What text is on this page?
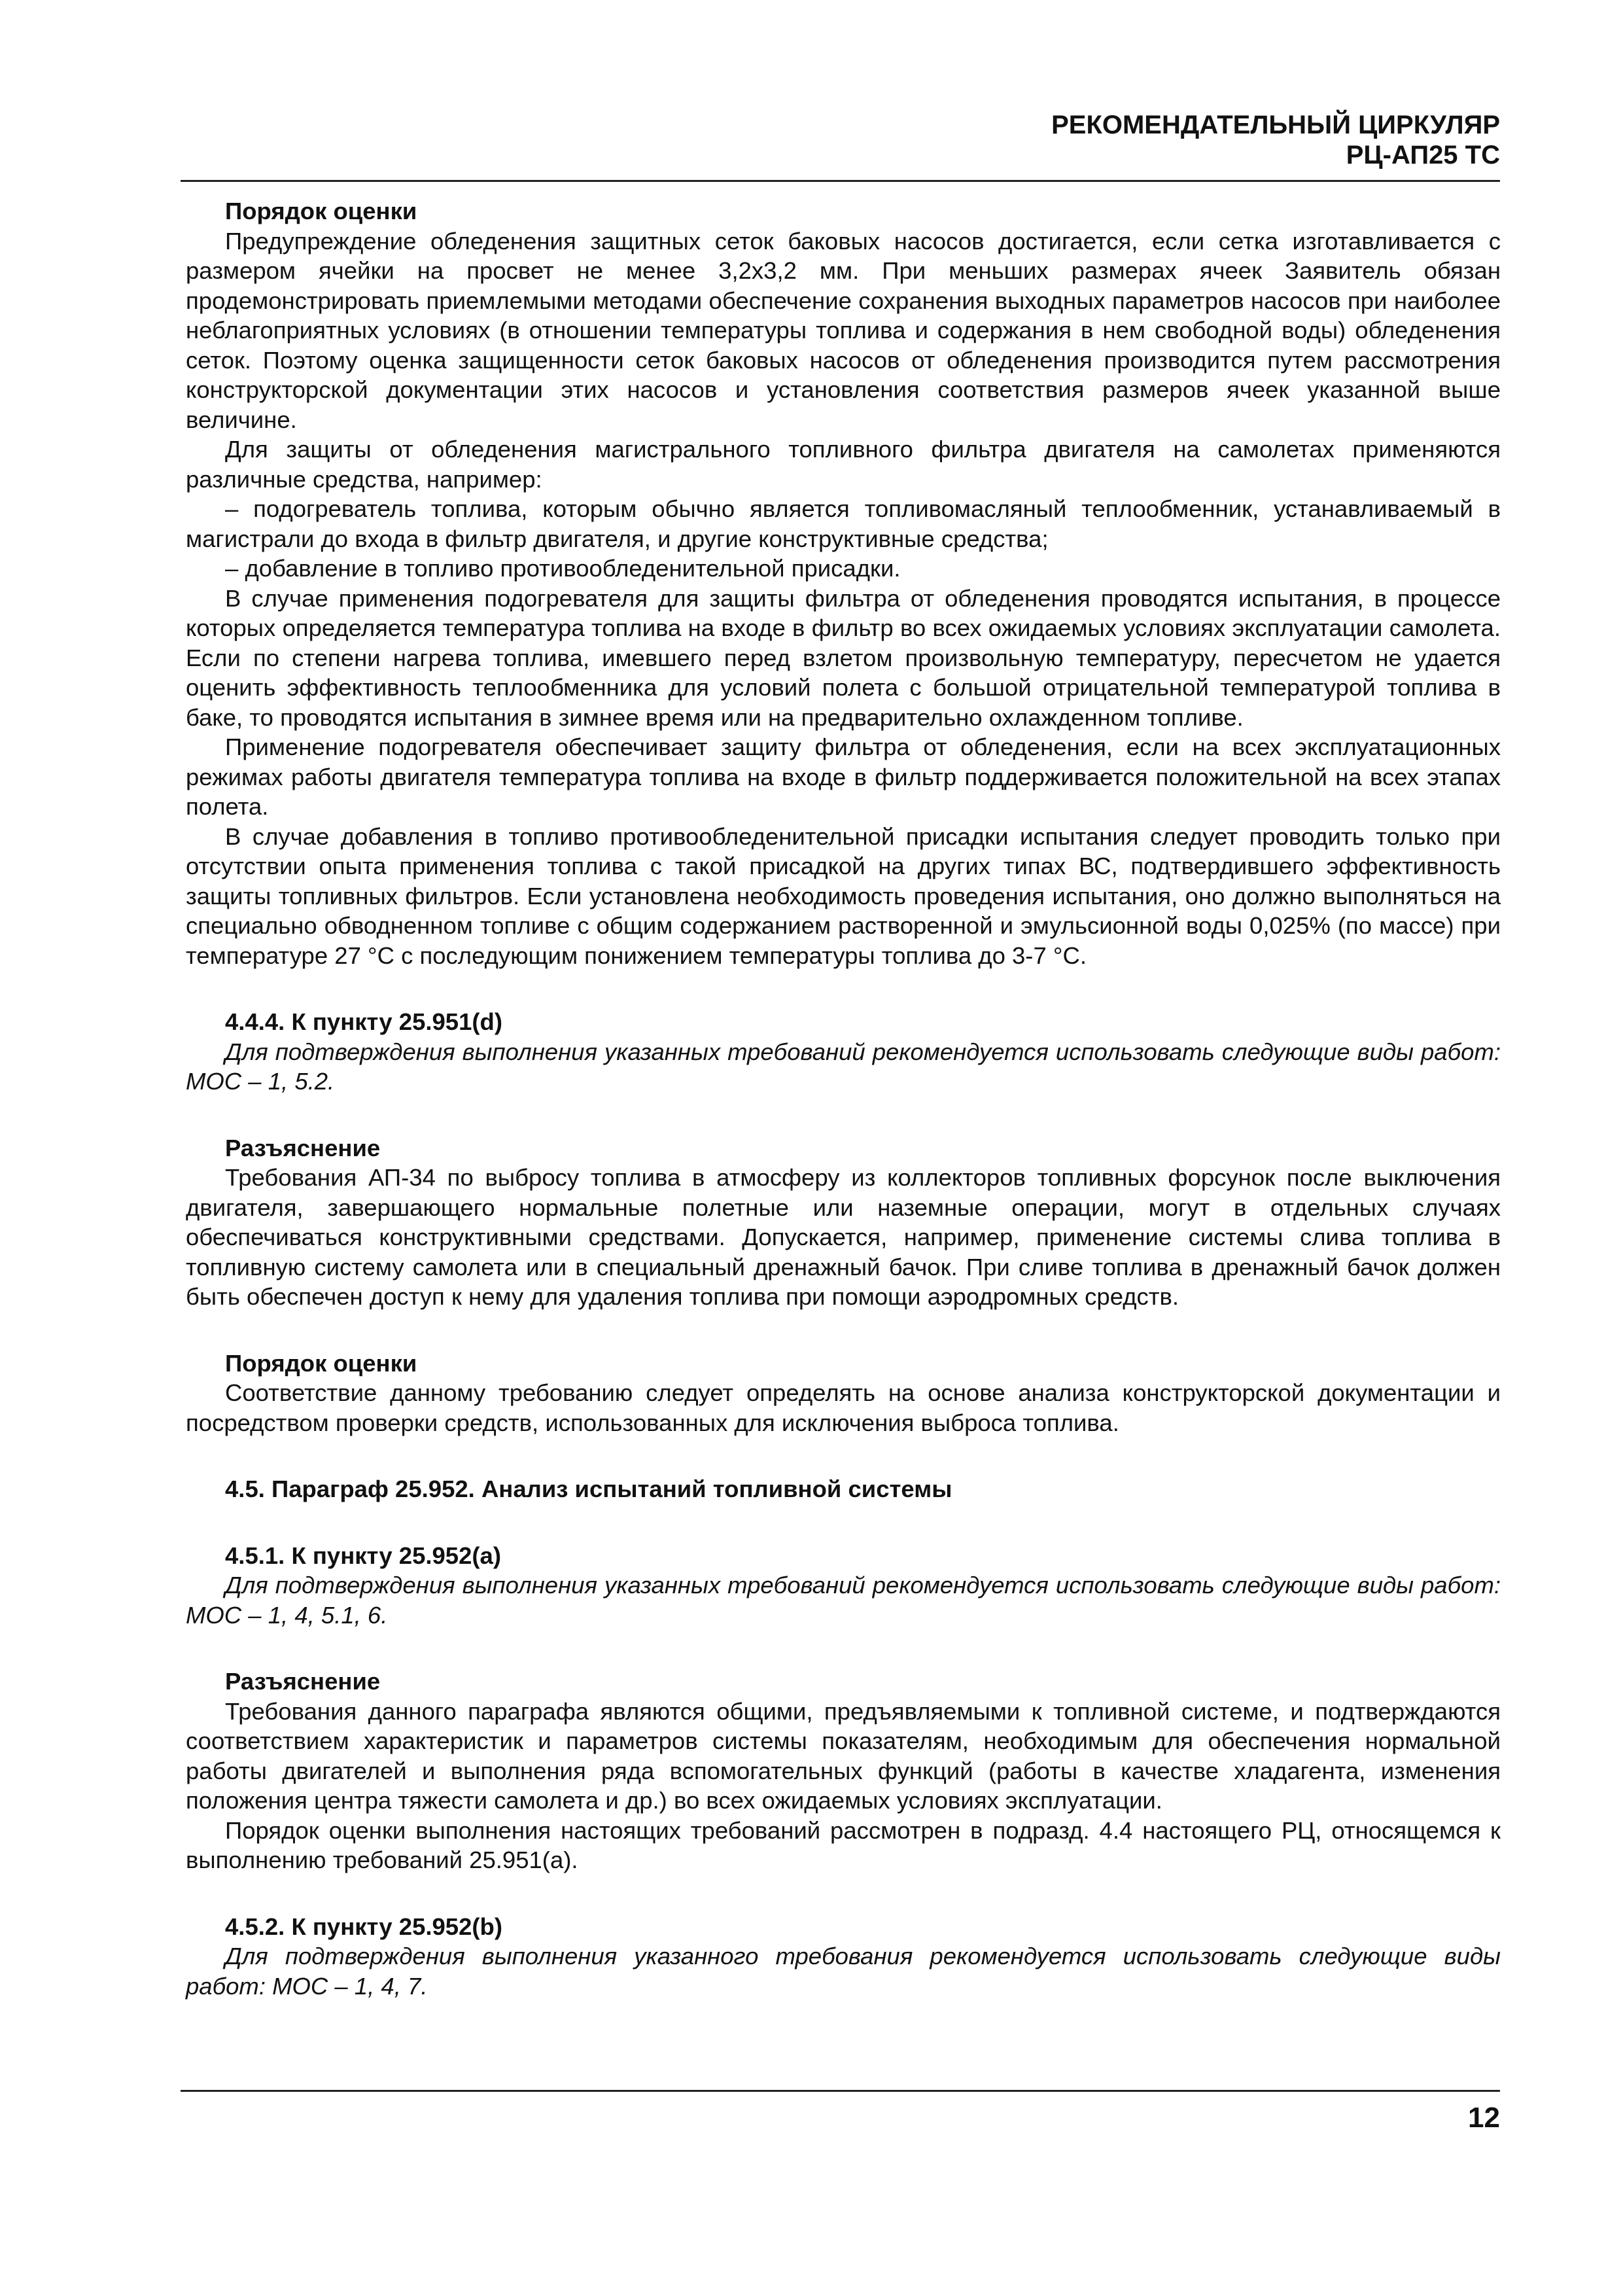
РЕКОМЕНДАТЕЛЬНЫЙ ЦИРКУЛЯР
РЦ-АП25 ТС
Порядок оценки

Предупреждение обледенения защитных сеток баковых насосов достигается, если сетка изготавливается с размером ячейки на просвет не менее 3,2х3,2 мм. При меньших размерах ячеек Заявитель обязан продемонстрировать приемлемыми методами обеспечение сохранения выходных параметров насосов при наиболее неблагоприятных условиях (в отношении температуры топлива и содержания в нем свободной воды) обледенения сеток. Поэтому оценка защищенности сеток баковых насосов от обледенения производится путем рассмотрения конструкторской документации этих насосов и установления соответствия размеров ячеек указанной выше величине.

Для защиты от обледенения магистрального топливного фильтра двигателя на самолетах применяются различные средства, например:

– подогреватель топлива, которым обычно является топливомасляный теплообменник, устанавливаемый в магистрали до входа в фильтр двигателя, и другие конструктивные средства;

– добавление в топливо противообледенительной присадки.

В случае применения подогревателя для защиты фильтра от обледенения проводятся испытания, в процессе которых определяется температура топлива на входе в фильтр во всех ожидаемых условиях эксплуатации самолета. Если по степени нагрева топлива, имевшего перед взлетом произвольную температуру, пересчетом не удается оценить эффективность теплообменника для условий полета с большой отрицательной температурой топлива в баке, то проводятся испытания в зимнее время или на предварительно охлажденном топливе.

Применение подогревателя обеспечивает защиту фильтра от обледенения, если на всех эксплуатационных режимах работы двигателя температура топлива на входе в фильтр поддерживается положительной на всех этапах полета.

В случае добавления в топливо противообледенительной присадки испытания следует проводить только при отсутствии опыта применения топлива с такой присадкой на других типах ВС, подтвердившего эффективность защиты топливных фильтров. Если установлена необходимость проведения испытания, оно должно выполняться на специально обводненном топливе с общим содержанием растворенной и эмульсионной воды 0,025% (по массе) при температуре 27 °С с последующим понижением температуры топлива до 3-7 °С.

4.4.4. К пункту 25.951(d)

Для подтверждения выполнения указанных требований рекомендуется использовать следующие виды работ: МОС – 1, 5.2.

Разъяснение

Требования АП-34 по выбросу топлива в атмосферу из коллекторов топливных форсунок после выключения двигателя, завершающего нормальные полетные или наземные операции, могут в отдельных случаях обеспечиваться конструктивными средствами. Допускается, например, применение системы слива топлива в топливную систему самолета или в специальный дренажный бачок. При сливе топлива в дренажный бачок должен быть обеспечен доступ к нему для удаления топлива при помощи аэродромных средств.

Порядок оценки

Соответствие данному требованию следует определять на основе анализа конструкторской документации и посредством проверки средств, использованных для исключения выброса топлива.

4.5. Параграф 25.952. Анализ испытаний топливной системы
4.5.1. К пункту 25.952(а)

Для подтверждения выполнения указанных требований рекомендуется использовать следующие виды работ: МОС – 1, 4, 5.1, 6.

Разъяснение

Требования данного параграфа являются общими, предъявляемыми к топливной системе, и подтверждаются соответствием характеристик и параметров системы показателям, необходимым для обеспечения нормальной работы двигателей и выполнения ряда вспомогательных функций (работы в качестве хладагента, изменения положения центра тяжести самолета и др.) во всех ожидаемых условиях эксплуатации.

Порядок оценки выполнения настоящих требований рассмотрен в подразд. 4.4 настоящего РЦ, относящемся к выполнению требований 25.951(а).

4.5.2. К пункту 25.952(b)

Для подтверждения выполнения указанного требования рекомендуется использовать следующие виды работ: МОС – 1, 4, 7.

12
